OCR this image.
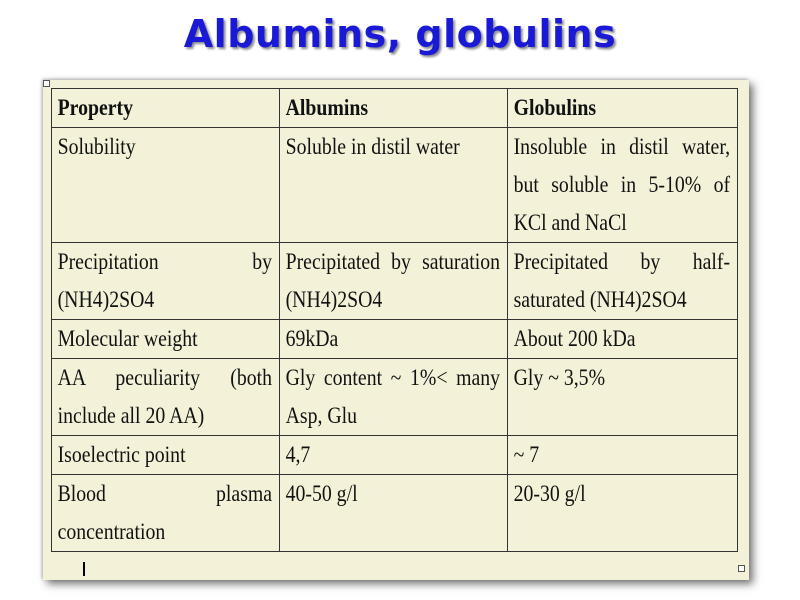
Albumins, globulins
Property	Albumins	Globulins

Solubility	Soluble in distil water	Insoluble in distil water, but soluble in 5-10% of KCl and NaCl

Precipitation by (NH4)2SO4	Precipitated by saturation (NH4)2SO4	Precipitated by half-saturated (NH4)2SO4

Molecular weight	69kDa	About 200 kDa

AA peculiarity (both include all 20 AA)	Gly content ~ 1%< many Asp, Glu	Gly ~ 3,5%

Isoelectric point	4,7	~ 7

Blood plasma concentration	40-50 g/l	20-30 g/l
